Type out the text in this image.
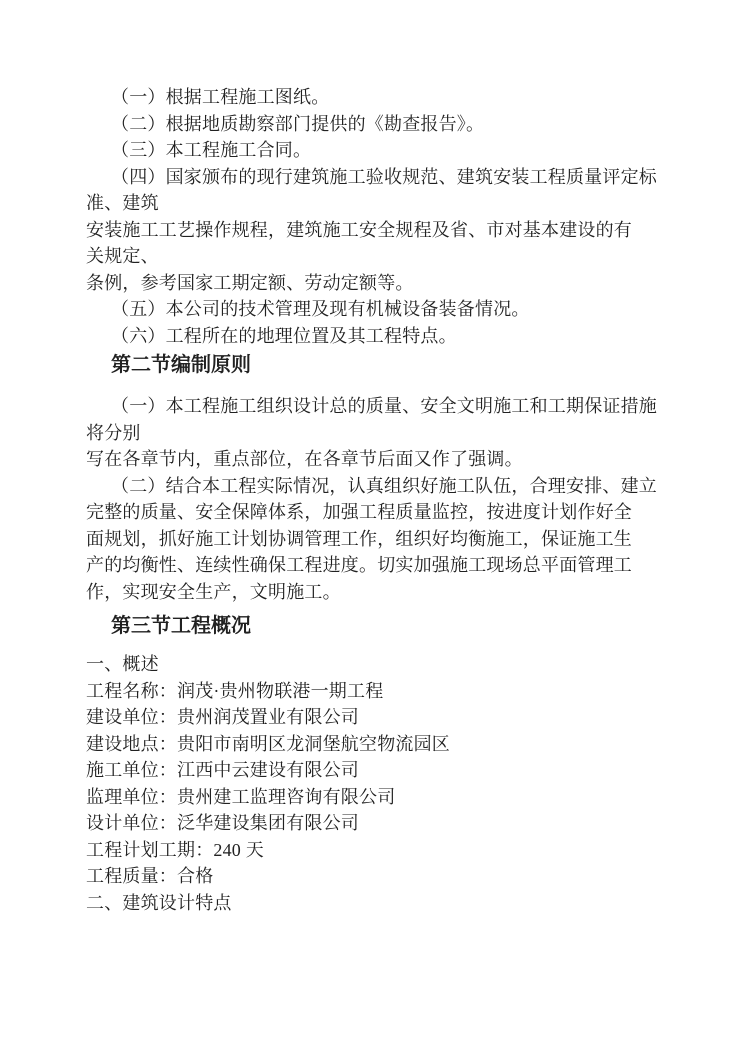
（一）根据工程施工图纸。
（二）根据地质勘察部门提供的《勘查报告》。
（三）本工程施工合同。
（四）国家颁布的现行建筑施工验收规范、建筑安装工程质量评定标
准、建筑
安装施工工艺操作规程，建筑施工安全规程及省、市对基本建设的有
关规定、
条例，参考国家工期定额、劳动定额等。
（五）本公司的技术管理及现有机械设备装备情况。
（六）工程所在的地理位置及其工程特点。
第二节编制原则
（一）本工程施工组织设计总的质量、安全文明施工和工期保证措施
将分别
写在各章节内，重点部位，在各章节后面又作了强调。
（二）结合本工程实际情况，认真组织好施工队伍，合理安排、建立
完整的质量、安全保障体系，加强工程质量监控，按进度计划作好全
面规划，抓好施工计划协调管理工作，组织好均衡施工，保证施工生
产的均衡性、连续性确保工程进度。切实加强施工现场总平面管理工
作，实现安全生产，文明施工。
第三节工程概况
一、概述
工程名称：润茂·贵州物联港一期工程
建设单位：贵州润茂置业有限公司
建设地点：贵阳市南明区龙洞堡航空物流园区
施工单位：江西中云建设有限公司
监理单位：贵州建工监理咨询有限公司
设计单位：泛华建设集团有限公司
工程计划工期：240 天
工程质量：合格
二、建筑设计特点
